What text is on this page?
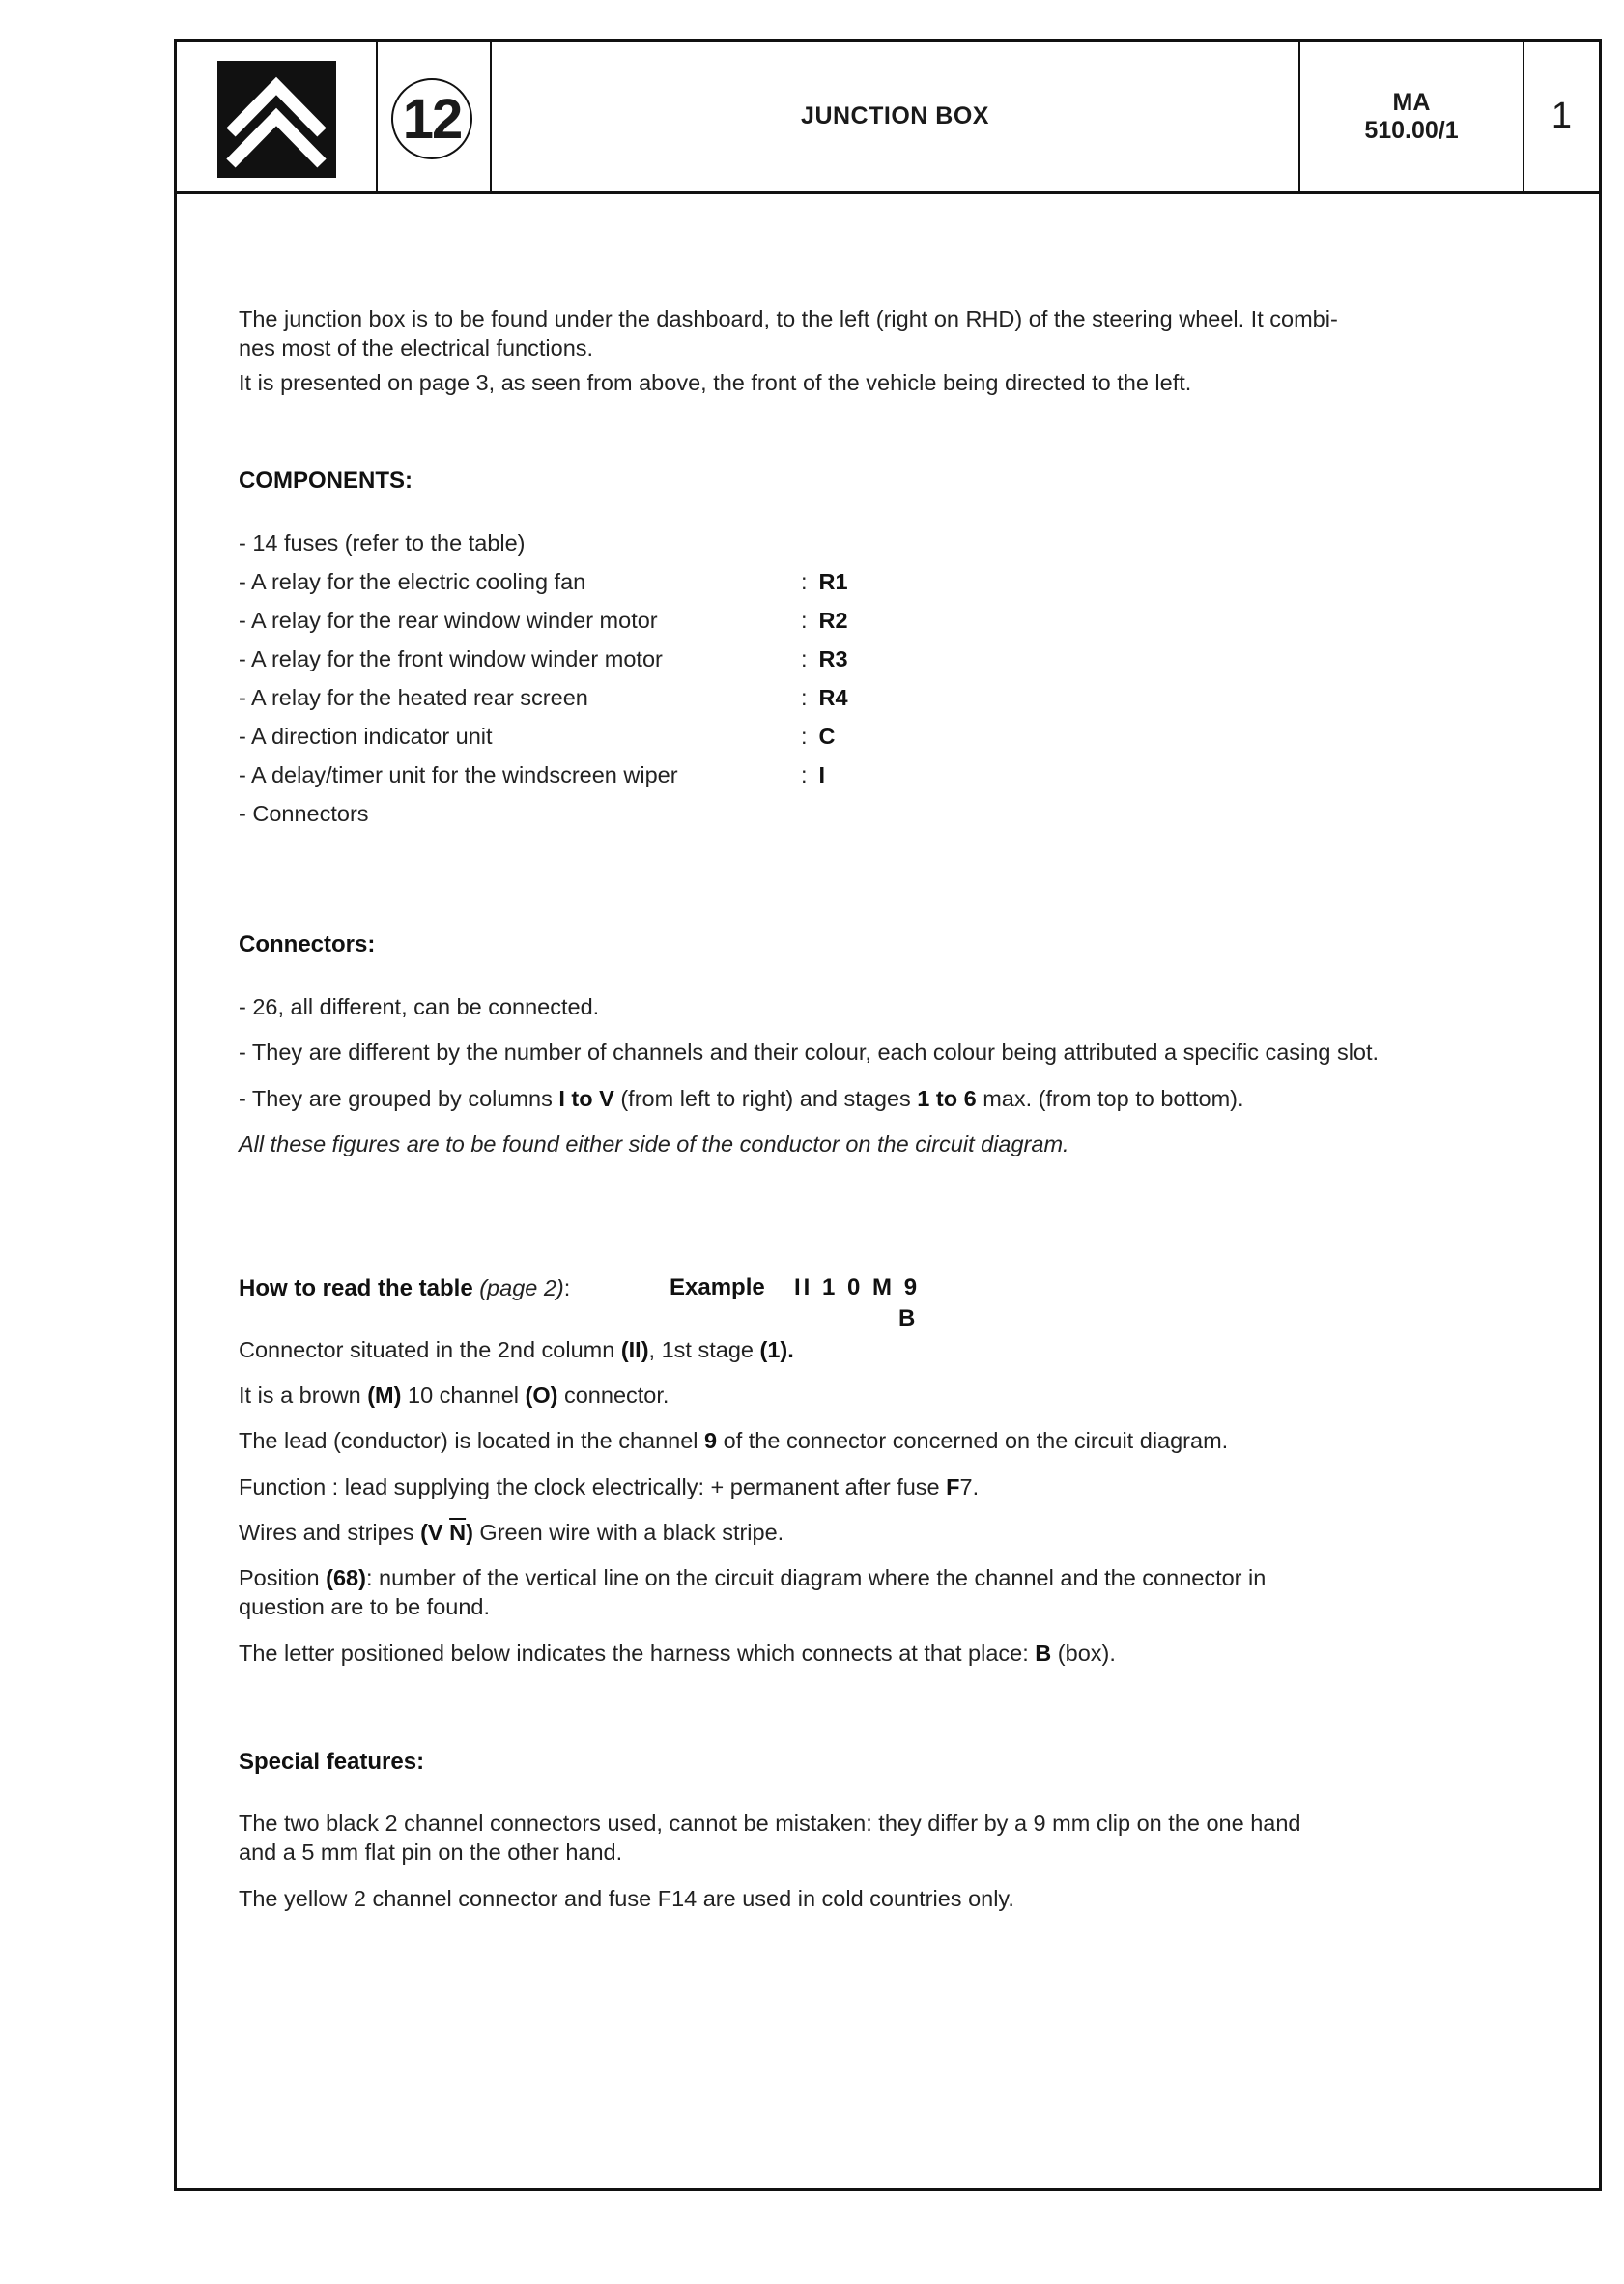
12	JUNCTION BOX
MA
510.00/1	1
The junction box is to be found under the dashboard, to the left (right on RHD) of the steering wheel. It combi-
nes most of the electrical functions.
It is presented on page 3, as seen from above, the front of the vehicle being directed to the left.
COMPONENTS:
- 14 fuses (refer to the table)
- A relay for the electric cooling fan	: R1
- A relay for the rear window winder motor	: R2
- A relay for the front window winder motor	: R3
- A relay for the heated rear screen	: R4
- A direction indicator unit	: C
- A delay/timer unit for the windscreen wiper	: I
- Connectors
Connectors:
- 26, all different, can be connected.
- They are different by the number of channels and their colour, each colour being attributed a specific casing slot.
- They are grouped by columns I to V (from left to right) and stages 1 to 6 max. (from top to bottom).
All these figures are to be found either side of the conductor on the circuit diagram.
How to read the table (page 2):	Example II 1 0 M 9
B
Connector situated in the 2nd column (II), 1st stage (1).
It is a brown (M) 10 channel (O) connector.
The lead (conductor) is located in the channel 9 of the connector concerned on the circuit diagram.
Function : lead supplying the clock electrically: + permanent after fuse F7.
Wires and stripes (V $\overline{N}$) Green wire with a black stripe.
Position (68): number of the vertical line on the circuit diagram where the channel and the connector in
question are to be found.
The letter positioned below indicates the harness which connects at that place: B (box).
Special features:
The two black 2 channel connectors used, cannot be mistaken: they differ by a 9 mm clip on the one hand
and a 5 mm flat pin on the other hand.
The yellow 2 channel connector and fuse F14 are used in cold countries only.
